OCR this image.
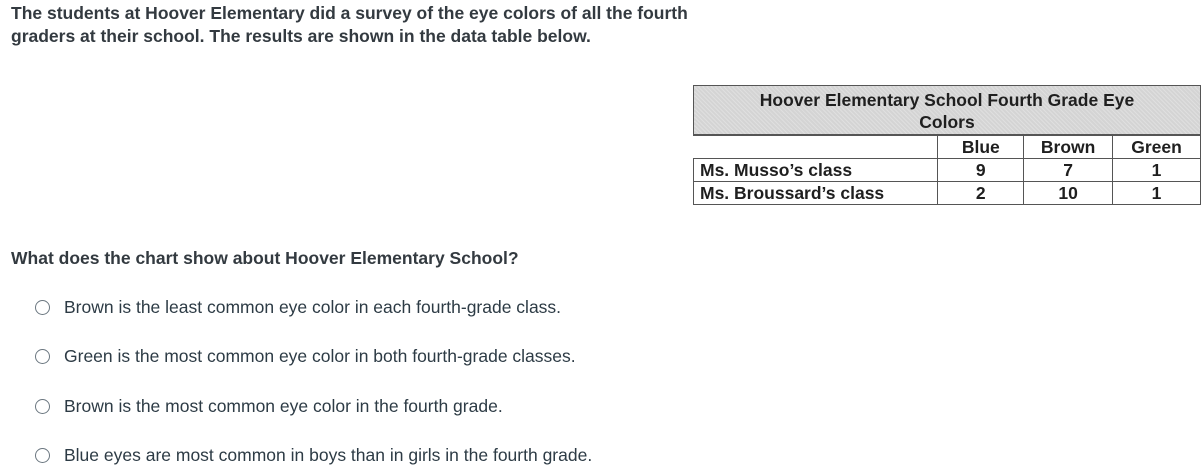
The students at Hoover Elementary did a survey of the eye colors of all the fourth
graders at their school. The results are shown in the data table below.
Hoover Elementary School Fourth Grade Eye
Colors			

	Blue	Brown	Green
Ms. Musso’s class	9	7	1
Ms. Broussard’s class	2	10	1
What does the chart show about Hoover Elementary School?
Brown is the least common eye color in each fourth-grade class.
Green is the most common eye color in both fourth-grade classes.
Brown is the most common eye color in the fourth grade.
Blue eyes are most common in boys than in girls in the fourth grade.
